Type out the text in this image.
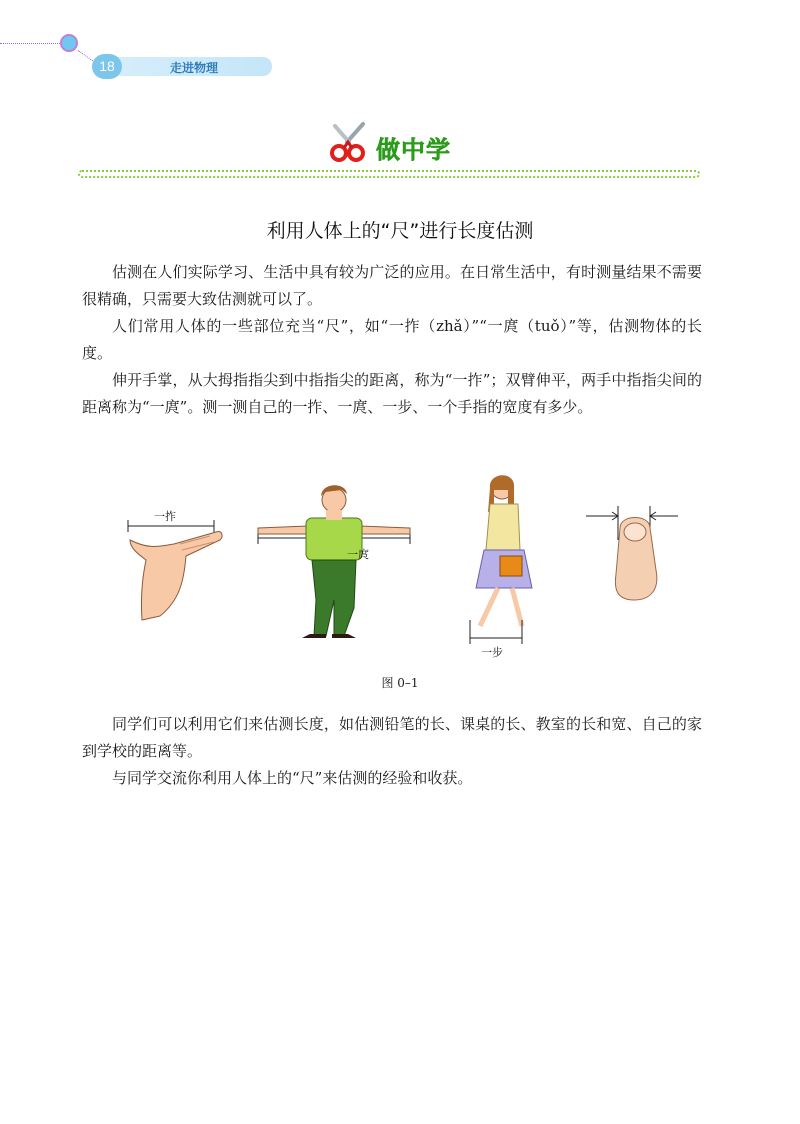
18	走进物理
做中学
利用人体上的“尺”进行长度估测
估测在人们实际学习、生活中具有较为广泛的应用。在日常生活中，有时测量结果不需要很精确，只需要大致估测就可以了。
人们常用人体的一些部位充当“尺”，如“一拃（zhǎ）”“一庹（tuǒ）”等，估测物体的长度。
伸开手掌，从大拇指指尖到中指指尖的距离，称为“一拃”；双臂伸平，两手中指指尖间的距离称为“一庹”。测一测自己的一拃、一庹、一步、一个手指的宽度有多少。
一拃
一庹
一步
图 0–1
同学们可以利用它们来估测长度，如估测铅笔的长、课桌的长、教室的长和宽、自己的家到学校的距离等。
与同学交流你利用人体上的“尺”来估测的经验和收获。
